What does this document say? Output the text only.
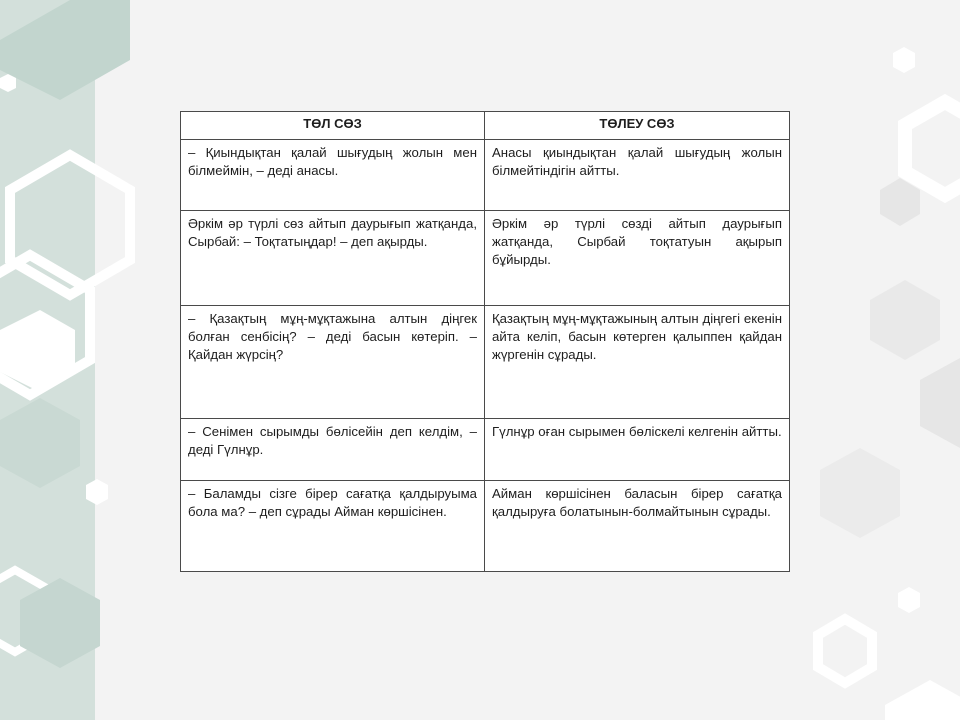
ТӨЛ СӨЗ	ТӨЛЕУ СӨЗ
– Қиындықтан қалай шығудың жолын мен білмеймін, – деді анасы.	Анасы қиындықтан қалай шығудың жолын білмейтіндігін айтты.
Әркім әр түрлі сөз айтып даурығып жатқанда, Сырбай: – Тоқтатыңдар! – деп ақырды.	Әркім әр түрлі сөзді айтып даурығып жатқанда, Сырбай тоқтатуын ақырып бұйырды.
– Қазақтың мұң-мұқтажына алтын діңгек болған сенбісің? – деді басын көтеріп. – Қайдан жүрсің?	Қазақтың мұң-мұқтажының алтын діңгегі екенін айта келіп, басын көтерген қалыппен қайдан жүргенін сұрады.
– Сенімен сырымды бөлісейін деп келдім, – деді Гүлнұр.	Гүлнұр оған сырымен бөліскелі келгенін айтты.
– Баламды сізге бірер сағатқа қалдыруыма бола ма? – деп сұрады Айман көршісінен.	Айман көршісінен баласын бірер сағатқа қалдыруға болатынын-болмайтынын сұрады.
